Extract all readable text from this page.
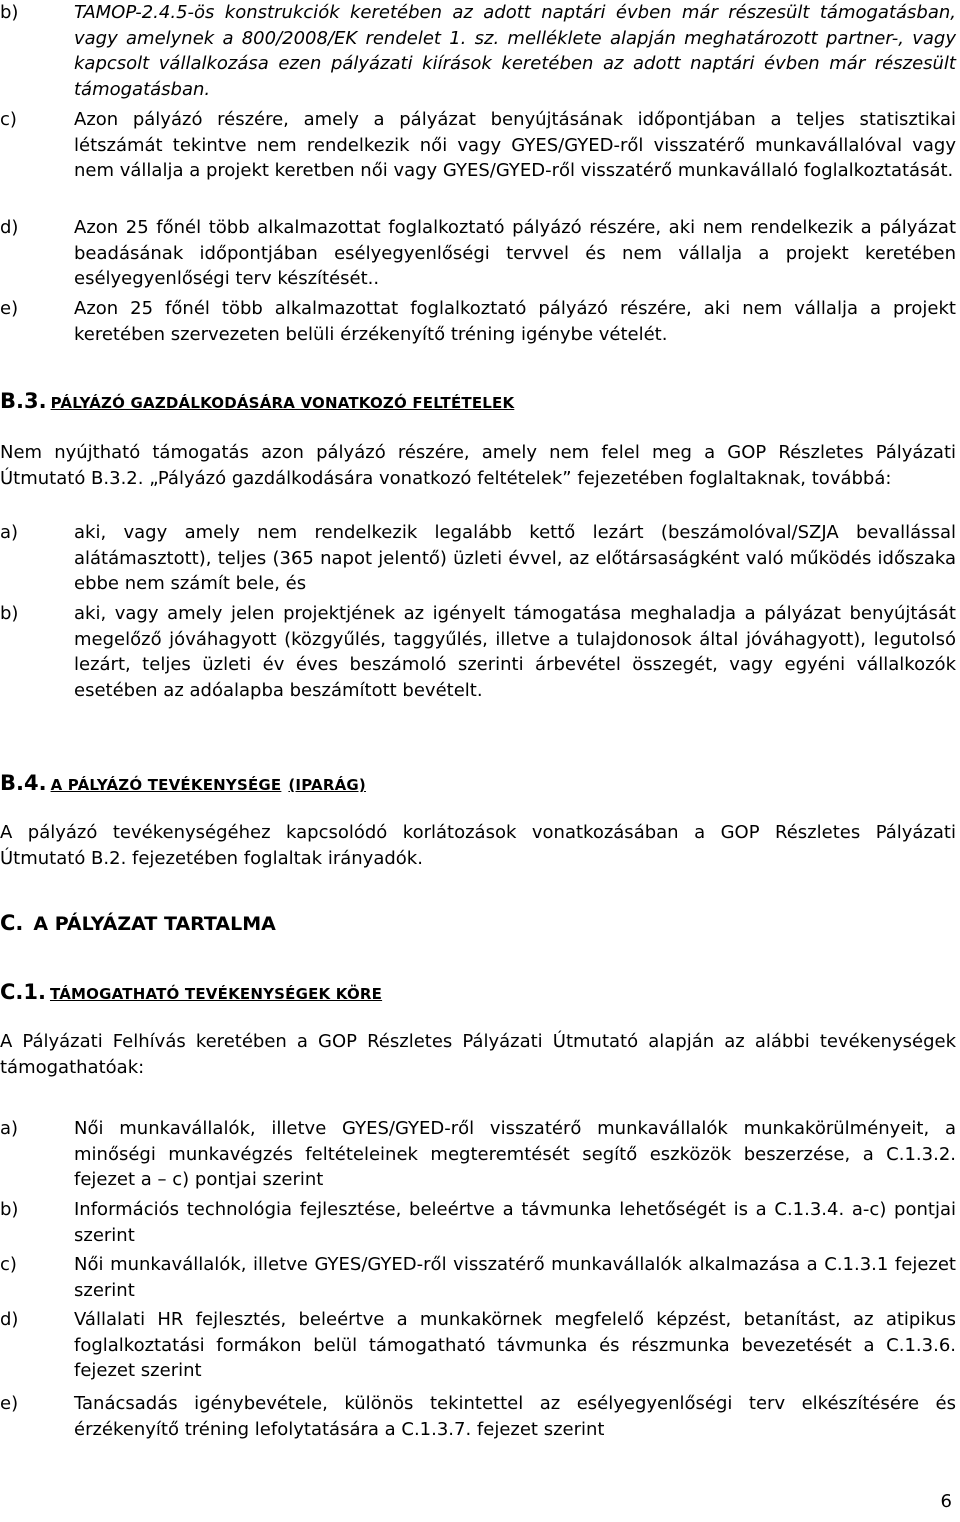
b)	TAMOP-2.4.5-ös konstrukciók keretében az adott naptári évben már részesült támogatásban, vagy amelynek a 800/2008/EK rendelet 1. sz. melléklete alapján meghatározott partner-, vagy kapcsolt vállalkozása ezen pályázati kiírások keretében az adott naptári évben már részesült támogatásban.
c)	Azon pályázó részére, amely a pályázat benyújtásának időpontjában a teljes statisztikai létszámát tekintve nem rendelkezik női vagy GYES/GYED-ről visszatérő munkavállalóval vagy nem vállalja a projekt keretben női vagy GYES/GYED-ről visszatérő munkavállaló foglalkoztatását.
d)	Azon 25 főnél több alkalmazottat foglalkoztató pályázó részére, aki nem rendelkezik a pályázat beadásának időpontjában esélyegyenlőségi tervvel és nem vállalja a projekt keretében esélyegyenlőségi terv készítését..
e)	Azon 25 főnél több alkalmazottat foglalkoztató pályázó részére, aki nem vállalja a projekt keretében szervezeten belüli érzékenyítő tréning igénybe vételét.
B.3. PÁLYÁZÓ GAZDÁLKODÁSÁRA VONATKOZÓ FELTÉTELEK
Nem nyújtható támogatás azon pályázó részére, amely nem felel meg a GOP Részletes Pályázati Útmutató B.3.2. „Pályázó gazdálkodására vonatkozó feltételek” fejezetében foglaltaknak, továbbá:
a)	aki, vagy amely nem rendelkezik legalább kettő lezárt (beszámolóval/SZJA bevallással alátámasztott), teljes (365 napot jelentő) üzleti évvel, az előtársaságként való működés időszaka ebbe nem számít bele, és
b)	aki, vagy amely jelen projektjének az igényelt támogatása meghaladja a pályázat benyújtását megelőző jóváhagyott (közgyűlés, taggyűlés, illetve a tulajdonosok által jóváhagyott), legutolsó lezárt, teljes üzleti év éves beszámoló szerinti árbevétel összegét, vagy egyéni vállalkozók esetében az adóalapba beszámított bevételt.
B.4. A PÁLYÁZÓ TEVÉKENYSÉGE (IPARÁG)
A pályázó tevékenységéhez kapcsolódó korlátozások vonatkozásában a GOP Részletes Pályázati Útmutató B.2. fejezetében foglaltak irányadók.
C. A PÁLYÁZAT TARTALMA
C.1. TÁMOGATHATÓ TEVÉKENYSÉGEK KÖRE
A Pályázati Felhívás keretében a GOP Részletes Pályázati Útmutató alapján az alábbi tevékenységek támogathatóak:
a)	Női munkavállalók, illetve GYES/GYED-ről visszatérő munkavállalók munkakörülményeit, a minőségi munkavégzés feltételeinek megteremtését segítő eszközök beszerzése, a C.1.3.2. fejezet a – c) pontjai szerint
b)	Információs technológia fejlesztése, beleértve a távmunka lehetőségét is a C.1.3.4. a-c) pontjai szerint
c)	Női munkavállalók, illetve GYES/GYED-ről visszatérő munkavállalók alkalmazása a C.1.3.1 fejezet szerint
d)	Vállalati HR fejlesztés, beleértve a munkakörnek megfelelő képzést, betanítást, az atipikus foglalkoztatási formákon belül támogatható távmunka és részmunka bevezetését a C.1.3.6. fejezet szerint
e)	Tanácsadás igénybevétele, különös tekintettel az esélyegyenlőségi terv elkészítésére és érzékenyítő tréning lefolytatására a C.1.3.7. fejezet szerint
6
